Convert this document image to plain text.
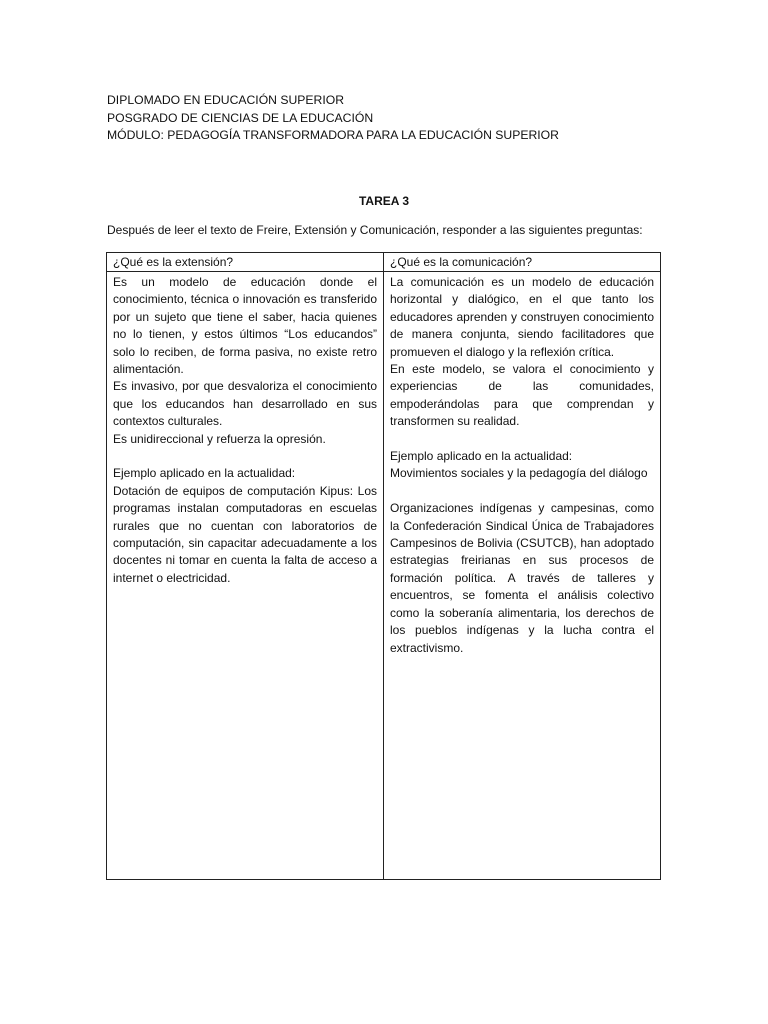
DIPLOMADO EN EDUCACIÓN SUPERIOR
POSGRADO DE CIENCIAS DE LA EDUCACIÓN
MÓDULO: PEDAGOGÍA TRANSFORMADORA PARA LA EDUCACIÓN SUPERIOR
TAREA 3
Después de leer el texto de Freire, Extensión y Comunicación, responder a las siguientes preguntas:
¿Qué es la extensión?

Es un modelo de educación donde el conocimiento, técnica o innovación es transferido por un sujeto que tiene el saber, hacia quienes no lo tienen, y estos últimos “Los educandos” solo lo reciben, de forma pasiva, no existe retro alimentación.

Es invasivo, por que desvaloriza el conocimiento que los educandos han desarrollado en sus contextos culturales.

Es unidireccional y refuerza la opresión.

Ejemplo aplicado en la actualidad:

Dotación de equipos de computación Kipus: Los programas instalan computadoras en escuelas rurales que no cuentan con laboratorios de computación, sin capacitar adecuadamente a los docentes ni tomar en cuenta la falta de acceso a internet o electricidad.

¿Qué es la comunicación?

La comunicación es un modelo de educación horizontal y dialógico, en el que tanto los educadores aprenden y construyen conocimiento de manera conjunta, siendo facilitadores que promueven el dialogo y la reflexión crítica.

En este modelo, se valora el conocimiento y experiencias de las comunidades, empoderándolas para que comprendan y transformen su realidad.

Ejemplo aplicado en la actualidad:

Movimientos sociales y la pedagogía del diálogo

Organizaciones indígenas y campesinas, como la Confederación Sindical Única de Trabajadores Campesinos de Bolivia (CSUTCB), han adoptado estrategias freirianas en sus procesos de formación política. A través de talleres y encuentros, se fomenta el análisis colectivo como la soberanía alimentaria, los derechos de los pueblos indígenas y la lucha contra el extractivismo.
